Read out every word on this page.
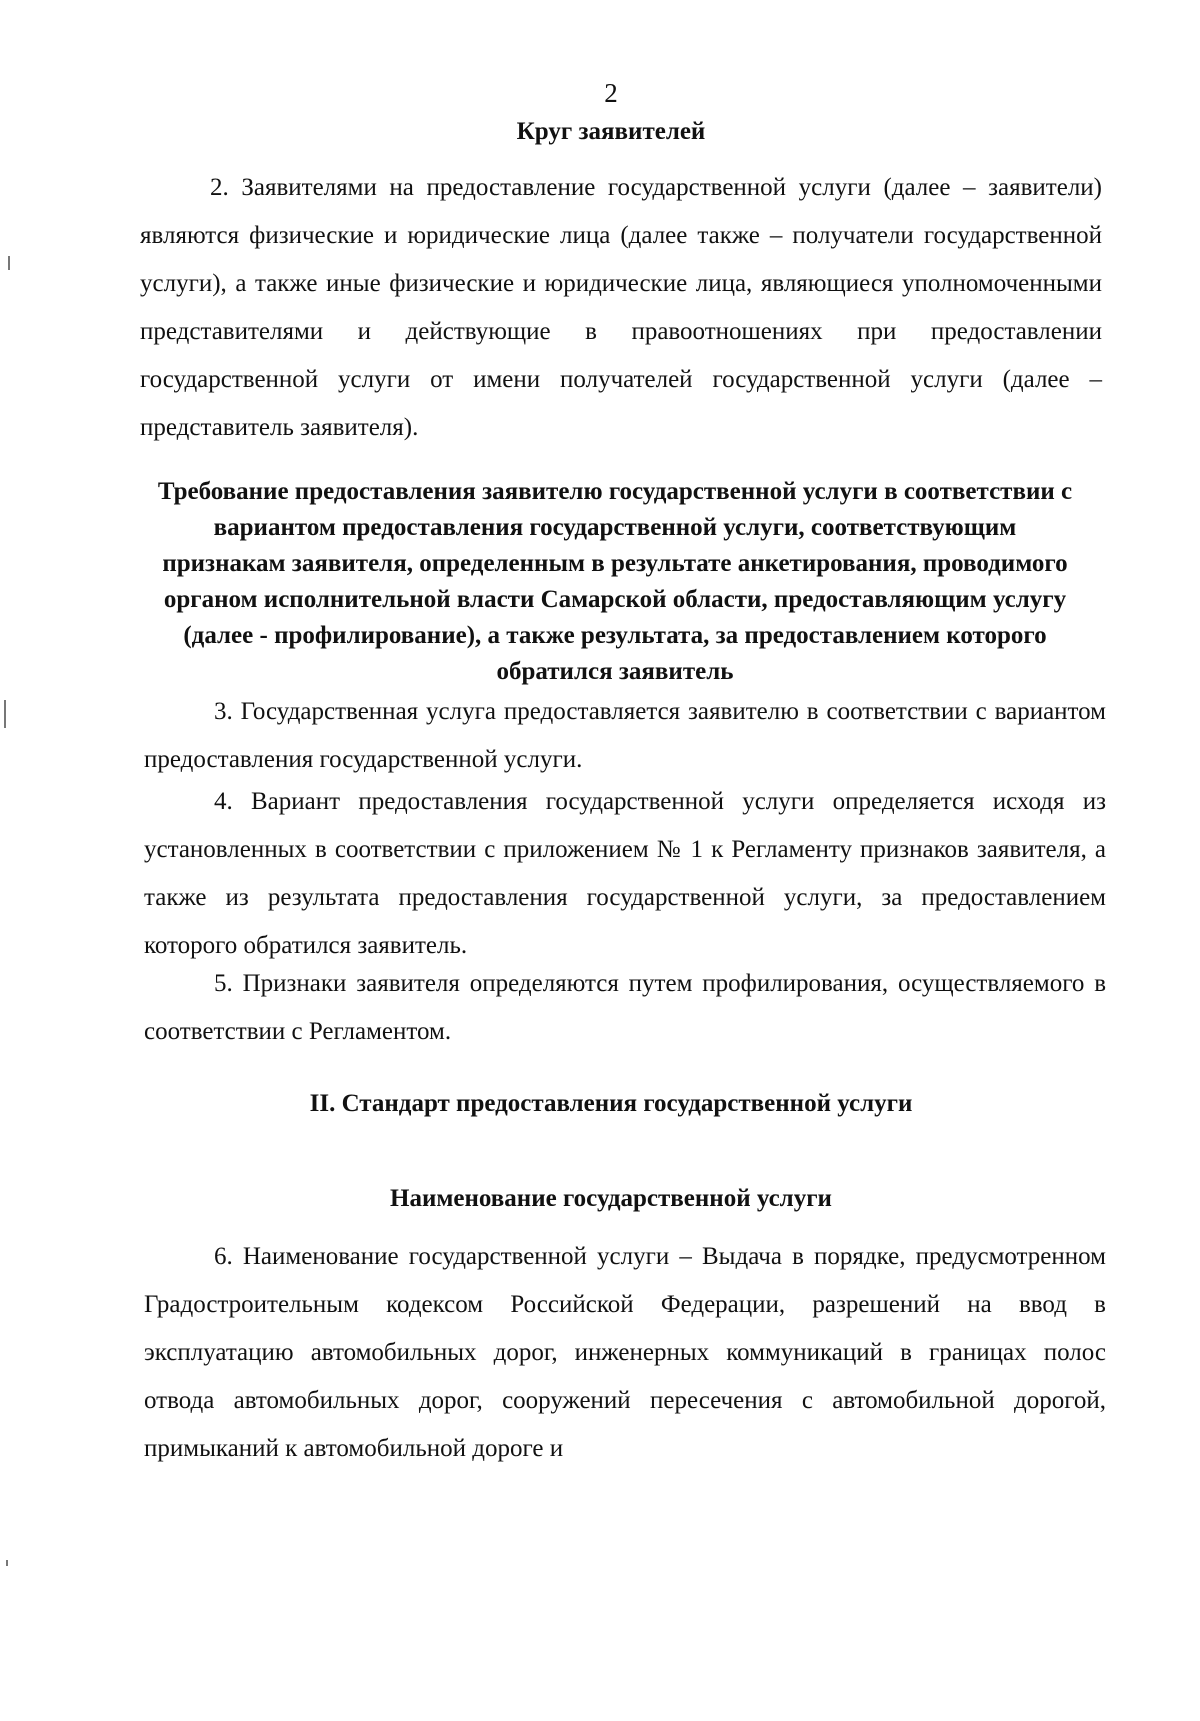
2
Круг заявителей
2. Заявителями на предоставление государственной услуги (далее – заявители) являются физические и юридические лица (далее также – получатели государственной услуги), а также иные физические и юридические лица, являющиеся уполномоченными представителями и действующие в правоотношениях при предоставлении государственной услуги от имени получателей государственной услуги (далее – представитель заявителя).
Требование предоставления заявителю государственной услуги в соответствии с вариантом предоставления государственной услуги, соответствующим признакам заявителя, определенным в результате анкетирования, проводимого органом исполнительной власти Самарской области, предоставляющим услугу (далее - профилирование), а также результата, за предоставлением которого обратился заявитель
3. Государственная услуга предоставляется заявителю в соответствии с вариантом предоставления государственной услуги.
4. Вариант предоставления государственной услуги определяется исходя из установленных в соответствии с приложением № 1 к Регламенту признаков заявителя, а также из результата предоставления государственной услуги, за предоставлением которого обратился заявитель.
5. Признаки заявителя определяются путем профилирования, осуществляемого в соответствии с Регламентом.
II. Стандарт предоставления государственной услуги
Наименование государственной услуги
6. Наименование государственной услуги – Выдача в порядке, предусмотренном Градостроительным кодексом Российской Федерации, разрешений на ввод в эксплуатацию автомобильных дорог, инженерных коммуникаций в границах полос отвода автомобильных дорог, сооружений пересечения с автомобильной дорогой, примыканий к автомобильной дороге и
